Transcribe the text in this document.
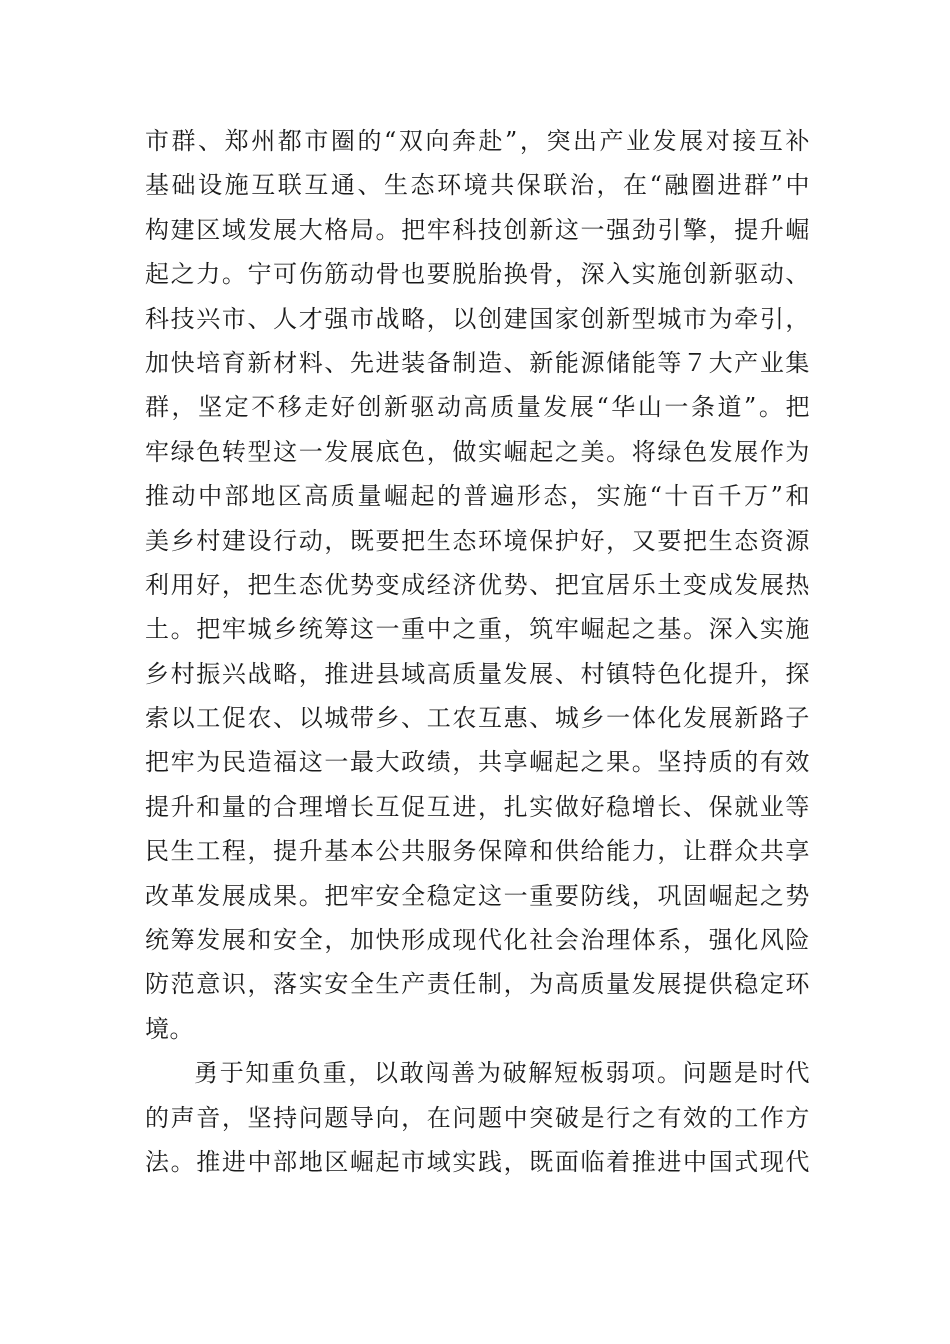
市群、郑州都市圈的“双向奔赴”，突出产业发展对接互补
基础设施互联互通、生态环境共保联治，在“融圈进群”中
构建区域发展大格局。把牢科技创新这一强劲引擎，提升崛
起之力。宁可伤筋动骨也要脱胎换骨，深入实施创新驱动、
科技兴市、人才强市战略，以创建国家创新型城市为牵引，
加快培育新材料、先进装备制造、新能源储能等７大产业集
群，坚定不移走好创新驱动高质量发展“华山一条道”。把
牢绿色转型这一发展底色，做实崛起之美。将绿色发展作为
推动中部地区高质量崛起的普遍形态，实施“十百千万”和
美乡村建设行动，既要把生态环境保护好，又要把生态资源
利用好，把生态优势变成经济优势、把宜居乐土变成发展热
土。把牢城乡统筹这一重中之重，筑牢崛起之基。深入实施
乡村振兴战略，推进县域高质量发展、村镇特色化提升，探
索以工促农、以城带乡、工农互惠、城乡一体化发展新路子
把牢为民造福这一最大政绩，共享崛起之果。坚持质的有效
提升和量的合理增长互促互进，扎实做好稳增长、保就业等
民生工程，提升基本公共服务保障和供给能力，让群众共享
改革发展成果。把牢安全稳定这一重要防线，巩固崛起之势
统筹发展和安全，加快形成现代化社会治理体系，强化风险
防范意识，落实安全生产责任制，为高质量发展提供稳定环
境。
勇于知重负重，以敢闯善为破解短板弱项。问题是时代
的声音，坚持问题导向，在问题中突破是行之有效的工作方
法。推进中部地区崛起市域实践，既面临着推进中国式现代
